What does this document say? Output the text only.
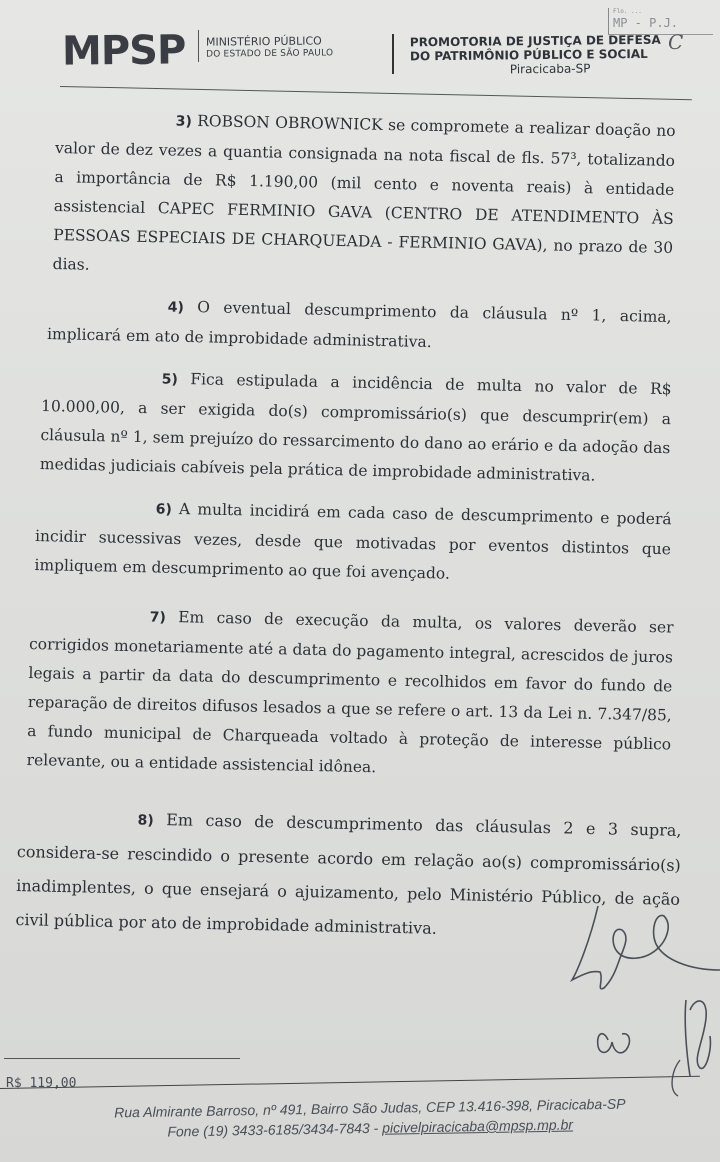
MPSP MINISTÉRIO PÚBLICO
DO ESTADO DE SÃO PAULO
PROMOTORIA DE JUSTIÇA DE DEFESA
DO PATRIMÔNIO PÚBLICO E SOCIAL
Piracicaba-SP
Flo. ...
MP - P.J.
C
3) ROBSON OBROWNICK se compromete a realizar doação no valor de dez vezes a quantia consignada na nota fiscal de fls. 57³, totalizando a importância de R$ 1.190,00 (mil cento e noventa reais) à entidade assistencial CAPEC FERMINIO GAVA (CENTRO DE ATENDIMENTO ÀS PESSOAS ESPECIAIS DE CHARQUEADA - FERMINIO GAVA), no prazo de 30 dias.
4) O eventual descumprimento da cláusula nº 1, acima, implicará em ato de improbidade administrativa.
5) Fica estipulada a incidência de multa no valor de R$ 10.000,00, a ser exigida do(s) compromissário(s) que descumprir(em) a cláusula nº 1, sem prejuízo do ressarcimento do dano ao erário e da adoção das medidas judiciais cabíveis pela prática de improbidade administrativa.
6) A multa incidirá em cada caso de descumprimento e poderá incidir sucessivas vezes, desde que motivadas por eventos distintos que impliquem em descumprimento ao que foi avençado.
7) Em caso de execução da multa, os valores deverão ser corrigidos monetariamente até a data do pagamento integral, acrescidos de juros legais a partir da data do descumprimento e recolhidos em favor do fundo de reparação de direitos difusos lesados a que se refere o art. 13 da Lei n. 7.347/85, a fundo municipal de Charqueada voltado à proteção de interesse público relevante, ou a entidade assistencial idônea.
8) Em caso de descumprimento das cláusulas 2 e 3 supra, considera-se rescindido o presente acordo em relação ao(s) compromissário(s) inadimplentes, o que ensejará o ajuizamento, pelo Ministério Público, de ação civil pública por ato de improbidade administrativa.
R$ 119,00
Rua Almirante Barroso, nº 491, Bairro São Judas, CEP 13.416-398, Piracicaba-SP
Fone (19) 3433-6185/3434-7843 - picivelpiracicaba@mpsp.mp.br
